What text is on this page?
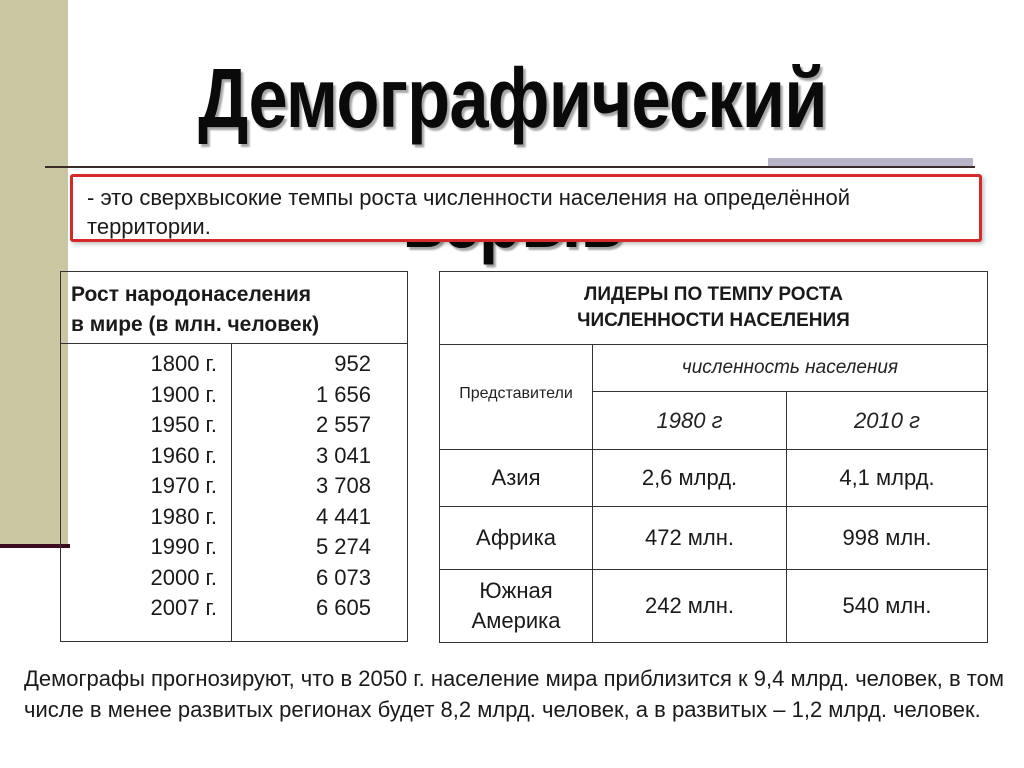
Демографический
- это сверхвысокие темпы роста численности населения на определённой территории.
Рост народонаселения
в мире (в млн. человек)
1800 г.	952
1900 г.	1 656
1950 г.	2 557
1960 г.	3 041
1970 г.	3 708
1980 г.	4 441
1990 г.	5 274
2000 г.	6 073
2007 г.	6 605
ЛИДЕРЫ ПО ТЕМПУ РОСТА
ЧИСЛЕННОСТИ НАСЕЛЕНИЯ
Представители
численность населения
1980 г	2010 г
Азия	2,6 млрд.	4,1 млрд.
Африка	472 млн.	998 млн.
Южная
Америка
242 млн.	540 млн.
Демографы прогнозируют, что в 2050 г. население мира приблизится к 9,4 млрд. человек, в том числе в менее развитых регионах будет 8,2 млрд. человек, а в развитых – 1,2 млрд. человек.
